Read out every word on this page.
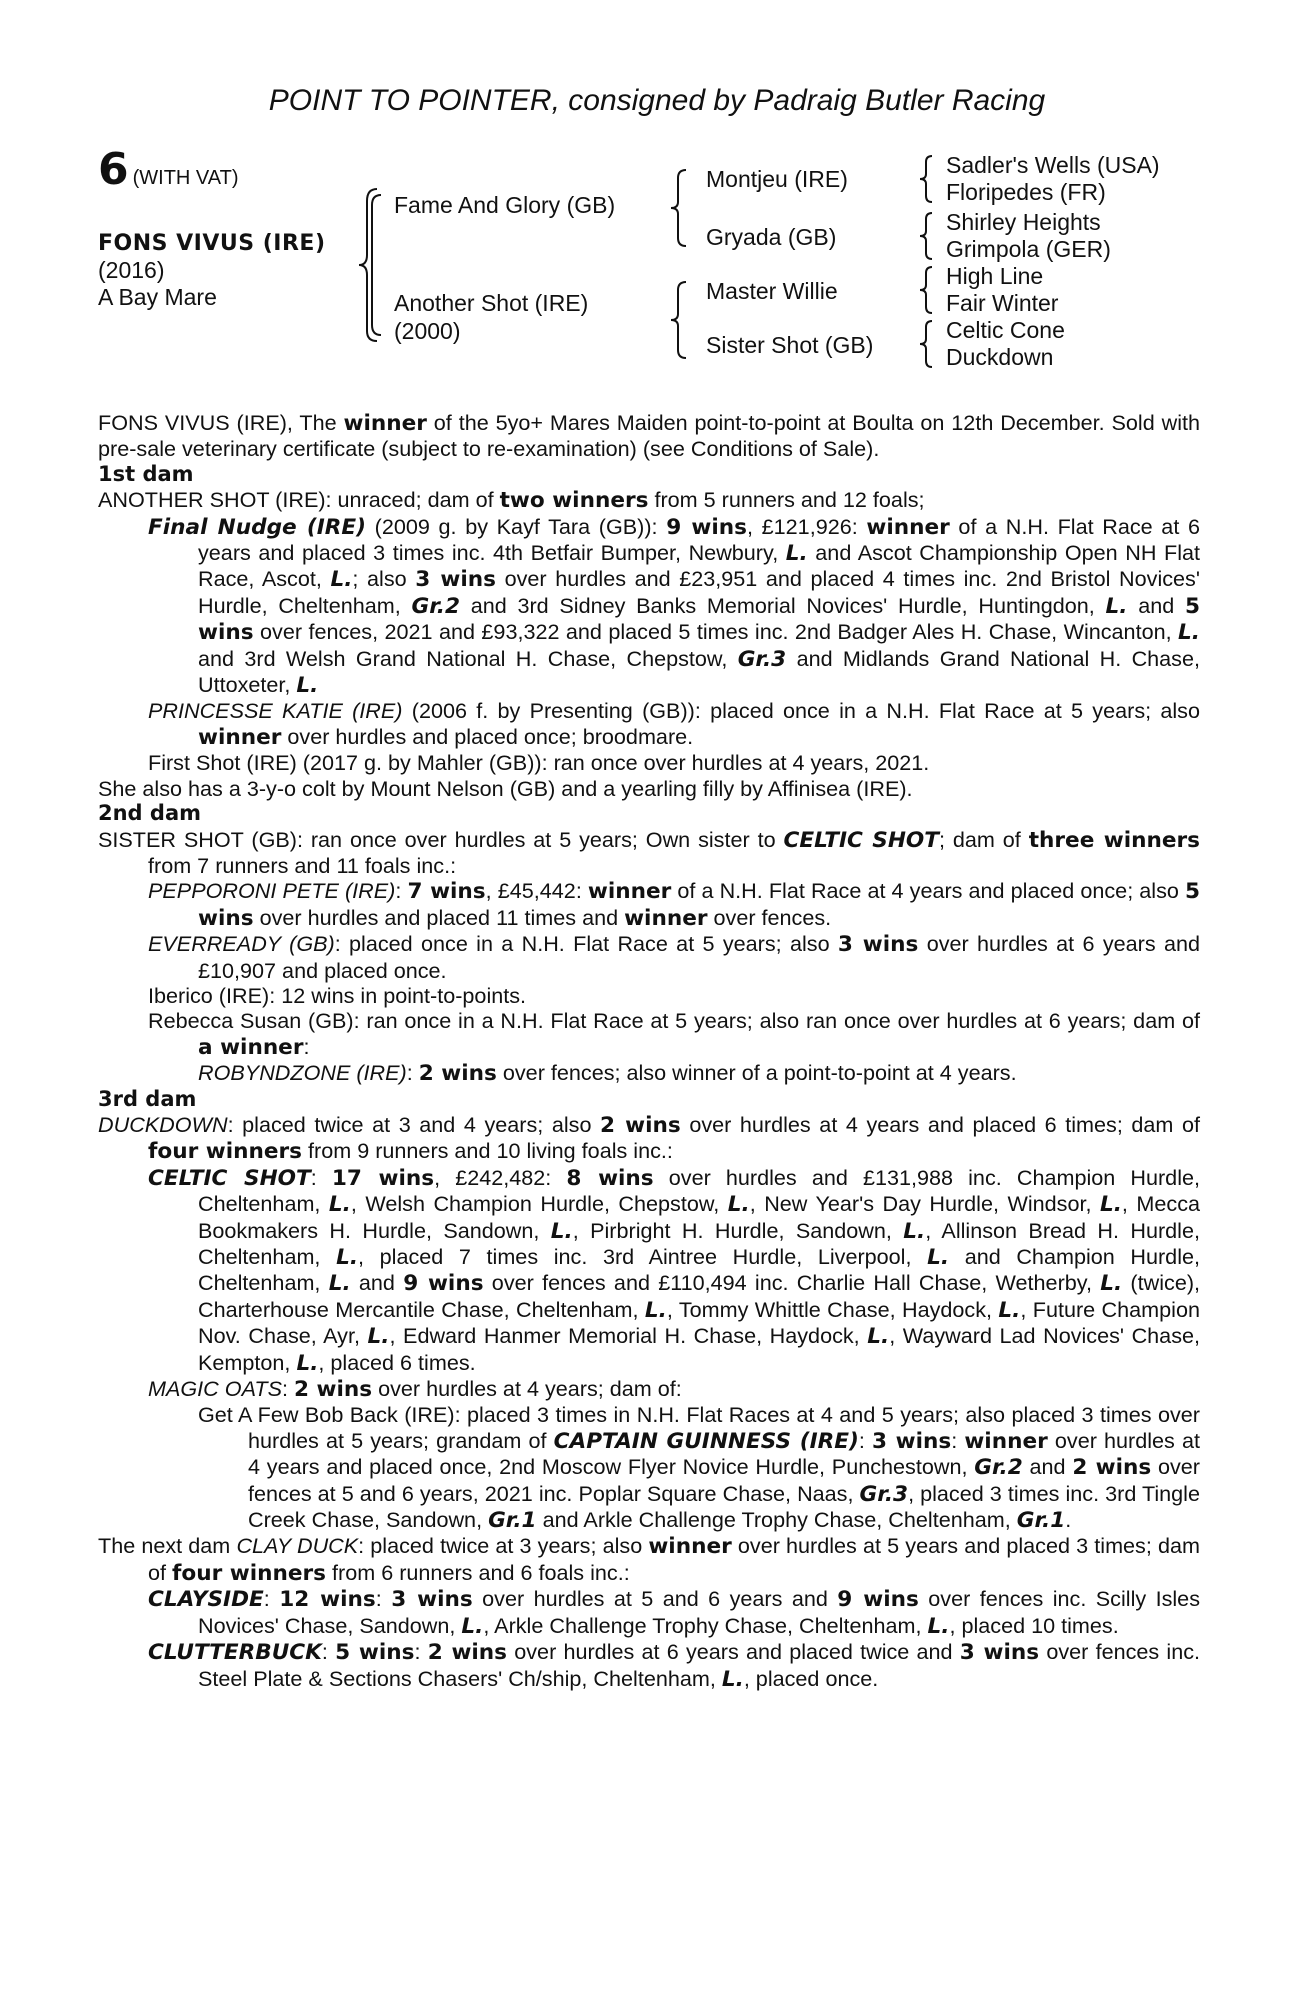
POINT TO POINTER, consigned by Padraig Butler Racing
6 (WITH VAT)
FONS VIVUS (IRE)
(2016)
A Bay Mare
Fame And Glory (GB)
Another Shot (IRE)
(2000)
Montjeu (IRE)
Gryada (GB)
Master Willie
Sister Shot (GB)
Sadler's Wells (USA)
Floripedes (FR)
Shirley Heights
Grimpola (GER)
High Line
Fair Winter
Celtic Cone
Duckdown

FONS VIVUS (IRE), The winner of the 5yo+ Mares Maiden point-to-point at Boulta on 12th December. Sold with pre-sale veterinary certificate (subject to re-examination) (see Conditions of Sale).

1st dam

ANOTHER SHOT (IRE): unraced; dam of two winners from 5 runners and 12 foals;

Final Nudge (IRE) (2009 g. by Kayf Tara (GB)): 9 wins, £121,926: winner of a N.H. Flat Race at 6 years and placed 3 times inc. 4th Betfair Bumper, Newbury, L. and Ascot Championship Open NH Flat Race, Ascot, L.; also 3 wins over hurdles and £23,951 and placed 4 times inc. 2nd Bristol Novices' Hurdle, Cheltenham, Gr.2 and 3rd Sidney Banks Memorial Novices' Hurdle, Huntingdon, L. and 5 wins over fences, 2021 and £93,322 and placed 5 times inc. 2nd Badger Ales H. Chase, Wincanton, L. and 3rd Welsh Grand National H. Chase, Chepstow, Gr.3 and Midlands Grand National H. Chase, Uttoxeter, L.

PRINCESSE KATIE (IRE) (2006 f. by Presenting (GB)): placed once in a N.H. Flat Race at 5 years; also winner over hurdles and placed once; broodmare.

First Shot (IRE) (2017 g. by Mahler (GB)): ran once over hurdles at 4 years, 2021.

She also has a 3-y-o colt by Mount Nelson (GB) and a yearling filly by Affinisea (IRE).

2nd dam

SISTER SHOT (GB): ran once over hurdles at 5 years; Own sister to CELTIC SHOT; dam of three winners from 7 runners and 11 foals inc.:

PEPPORONI PETE (IRE): 7 wins, £45,442: winner of a N.H. Flat Race at 4 years and placed once; also 5 wins over hurdles and placed 11 times and winner over fences.

EVERREADY (GB): placed once in a N.H. Flat Race at 5 years; also 3 wins over hurdles at 6 years and £10,907 and placed once.

Iberico (IRE): 12 wins in point-to-points.

Rebecca Susan (GB): ran once in a N.H. Flat Race at 5 years; also ran once over hurdles at 6 years; dam of a winner:

ROBYNDZONE (IRE): 2 wins over fences; also winner of a point-to-point at 4 years.

3rd dam

DUCKDOWN: placed twice at 3 and 4 years; also 2 wins over hurdles at 4 years and placed 6 times; dam of four winners from 9 runners and 10 living foals inc.:

CELTIC SHOT: 17 wins, £242,482: 8 wins over hurdles and £131,988 inc. Champion Hurdle, Cheltenham, L., Welsh Champion Hurdle, Chepstow, L., New Year's Day Hurdle, Windsor, L., Mecca Bookmakers H. Hurdle, Sandown, L., Pirbright H. Hurdle, Sandown, L., Allinson Bread H. Hurdle, Cheltenham, L., placed 7 times inc. 3rd Aintree Hurdle, Liverpool, L. and Champion Hurdle, Cheltenham, L. and 9 wins over fences and £110,494 inc. Charlie Hall Chase, Wetherby, L. (twice), Charterhouse Mercantile Chase, Cheltenham, L., Tommy Whittle Chase, Haydock, L., Future Champion Nov. Chase, Ayr, L., Edward Hanmer Memorial H. Chase, Haydock, L., Wayward Lad Novices' Chase, Kempton, L., placed 6 times.

MAGIC OATS: 2 wins over hurdles at 4 years; dam of:

Get A Few Bob Back (IRE): placed 3 times in N.H. Flat Races at 4 and 5 years; also placed 3 times over hurdles at 5 years; grandam of CAPTAIN GUINNESS (IRE): 3 wins: winner over hurdles at 4 years and placed once, 2nd Moscow Flyer Novice Hurdle, Punchestown, Gr.2 and 2 wins over fences at 5 and 6 years, 2021 inc. Poplar Square Chase, Naas, Gr.3, placed 3 times inc. 3rd Tingle Creek Chase, Sandown, Gr.1 and Arkle Challenge Trophy Chase, Cheltenham, Gr.1.

The next dam CLAY DUCK: placed twice at 3 years; also winner over hurdles at 5 years and placed 3 times; dam of four winners from 6 runners and 6 foals inc.:

CLAYSIDE: 12 wins: 3 wins over hurdles at 5 and 6 years and 9 wins over fences inc. Scilly Isles Novices' Chase, Sandown, L., Arkle Challenge Trophy Chase, Cheltenham, L., placed 10 times.

CLUTTERBUCK: 5 wins: 2 wins over hurdles at 6 years and placed twice and 3 wins over fences inc. Steel Plate & Sections Chasers' Ch/ship, Cheltenham, L., placed once.
